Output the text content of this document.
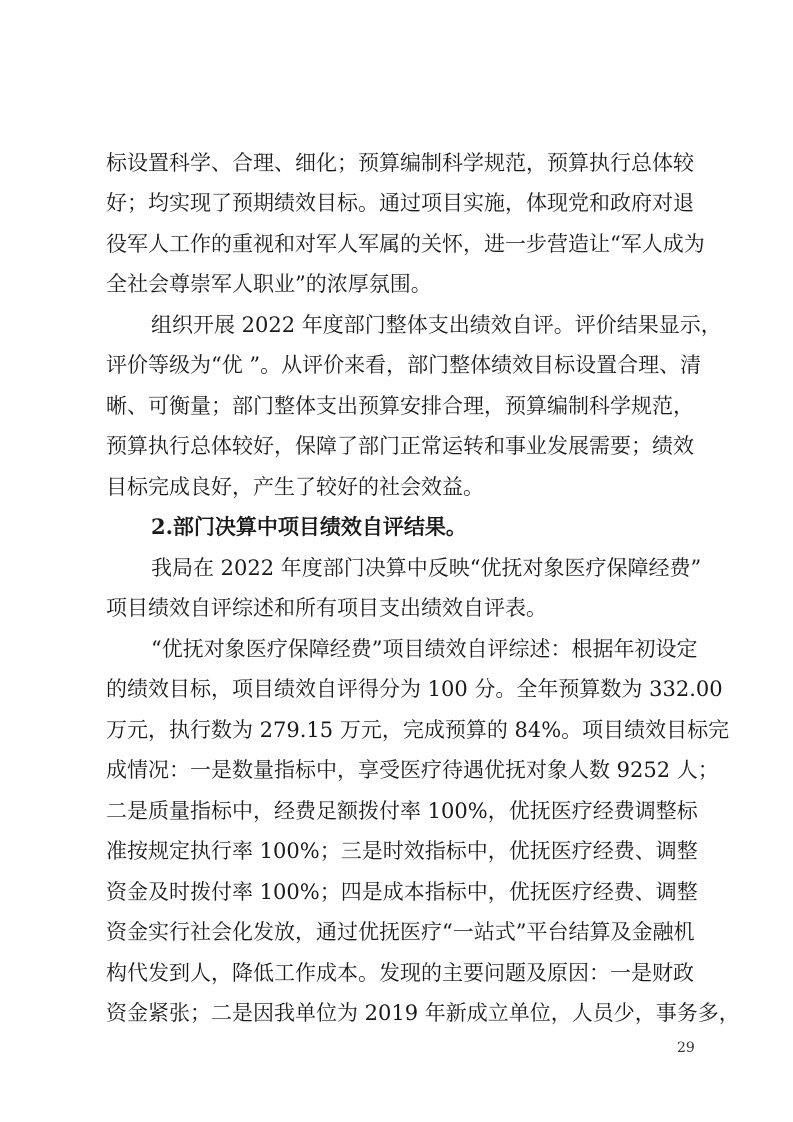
标设置科学、合理、细化；预算编制科学规范，预算执行总体较
好；均实现了预期绩效目标。通过项目实施，体现党和政府对退
役军人工作的重视和对军人军属的关怀，进一步营造让“军人成为
全社会尊崇军人职业”的浓厚氛围。
组织开展 2022 年度部门整体支出绩效自评。评价结果显示，
评价等级为“优 ”。从评价来看，部门整体绩效目标设置合理、清
晰、可衡量；部门整体支出预算安排合理，预算编制科学规范，
预算执行总体较好，保障了部门正常运转和事业发展需要；绩效
目标完成良好，产生了较好的社会效益。
2.部门决算中项目绩效自评结果。
我局在 2022 年度部门决算中反映“优抚对象医疗保障经费”
项目绩效自评综述和所有项目支出绩效自评表。
“优抚对象医疗保障经费”项目绩效自评综述：根据年初设定
的绩效目标，项目绩效自评得分为 100 分。全年预算数为 332.00
万元，执行数为 279.15 万元，完成预算的 84%。项目绩效目标完
成情况：一是数量指标中，享受医疗待遇优抚对象人数 9252 人；
二是质量指标中，经费足额拨付率 100%，优抚医疗经费调整标
准按规定执行率 100%；三是时效指标中，优抚医疗经费、调整
资金及时拨付率 100%；四是成本指标中，优抚医疗经费、调整
资金实行社会化发放，通过优抚医疗“一站式”平台结算及金融机
构代发到人，降低工作成本。发现的主要问题及原因：一是财政
资金紧张；二是因我单位为 2019 年新成立单位，人员少，事务多，
29
